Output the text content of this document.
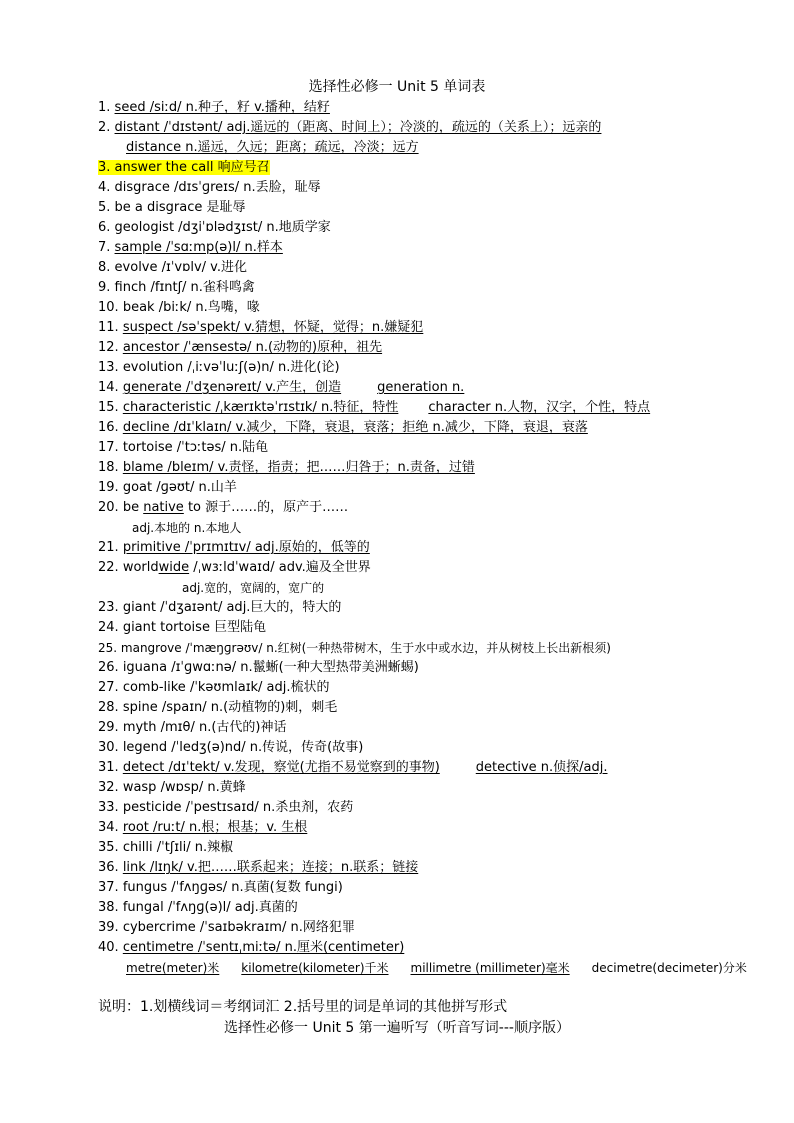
选择性必修一 Unit 5 单词表
1. seed /siːd/ n.种子，籽 v.播种，结籽
2. distant /ˈdɪstənt/ adj.遥远的（距离、时间上）；冷淡的，疏远的（关系上）；远亲的
distance n.遥远，久远；距离；疏远，冷淡；远方
3. answer the call 响应号召
4. disgrace /dɪsˈɡreɪs/ n.丢脸，耻辱
5. be a disgrace 是耻辱
6. geologist /dʒiˈɒlədʒɪst/ n.地质学家
7. sample /ˈsɑːmp(ə)l/ n.样本
8. evolve /ɪˈvɒlv/ v.进化
9. finch /fɪntʃ/ n.雀科鸣禽
10. beak /biːk/ n.鸟嘴，喙
11. suspect /səˈspekt/ v.猜想，怀疑，觉得；n.嫌疑犯
12. ancestor /ˈænsestə/ n.(动物的)原种，祖先
13. evolution /ˌiːvəˈluːʃ(ə)n/ n.进化(论)
14. generate /ˈdʒenəreɪt/ v.产生，创造	generation n.
15. characteristic /ˌkærɪktəˈrɪstɪk/ n.特征，特性 character n.人物，汉字，个性，特点
16. decline /dɪˈklaɪn/ v.减少，下降，衰退，衰落；拒绝 n.减少，下降，衰退，衰落
17. tortoise /ˈtɔːtəs/ n.陆龟
18. blame /bleɪm/ v.责怪，指责；把……归咎于；n.责备，过错
19. goat /ɡəʊt/ n.山羊
20. be native to 源于……的，原产于……
adj.本地的 n.本地人
21. primitive /ˈprɪmɪtɪv/ adj.原始的，低等的
22. worldwide /ˌwɜːldˈwaɪd/ adv.遍及全世界
adj.宽的，宽阔的，宽广的
23. giant /ˈdʒaɪənt/ adj.巨大的，特大的
24. giant tortoise 巨型陆龟
25. mangrove /ˈmæŋɡrəʊv/ n.红树(一种热带树木，生于水中或水边，并从树枝上长出新根须)
26. iguana /ɪˈɡwɑːnə/ n.鬣蜥(一种大型热带美洲蜥蜴)
27. comb-like /ˈkəʊmlaɪk/ adj.梳状的
28. spine /spaɪn/ n.(动植物的)刺，刺毛
29. myth /mɪθ/ n.(古代的)神话
30. legend /ˈledʒ(ə)nd/ n.传说，传奇(故事)
31. detect /dɪˈtekt/ v.发现，察觉(尤指不易觉察到的事物)	detective n.侦探/adj.
32. wasp /wɒsp/ n.黄蜂
33. pesticide /ˈpestɪsaɪd/ n.杀虫剂，农药
34. root /ruːt/ n.根；根基；v. 生根
35. chilli /ˈtʃɪli/ n.辣椒
36. link /lɪŋk/ v.把……联系起来；连接；n.联系；链接
37. fungus /ˈfʌŋɡəs/ n.真菌(复数 fungi)
38. fungal /ˈfʌŋɡ(ə)l/ adj.真菌的
39. cybercrime /ˈsaɪbəkraɪm/ n.网络犯罪
40. centimetre /ˈsentɪˌmiːtə/ n.厘米(centimeter)
metre(meter)米 kilometre(kilometer)千米 millimetre (millimeter)毫米 decimetre(decimeter)分米
说明：1.划横线词＝考纲词汇 2.括号里的词是单词的其他拼写形式
选择性必修一 Unit 5 第一遍听写（听音写词---顺序版）
